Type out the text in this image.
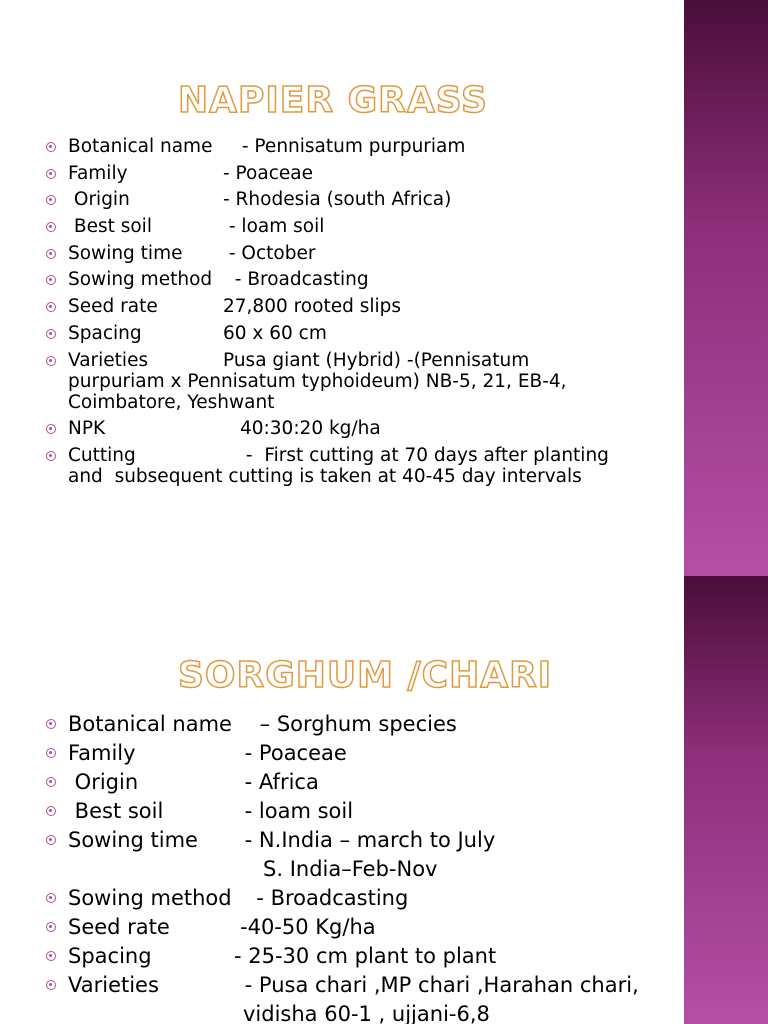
NAPIER GRASS
Botanical name - Pennisatum purpuriam
Family	- Poaceae
Origin	- Rhodesia (south Africa)
Best soil	- loam soil
Sowing time - October
Sowing method  - Broadcasting
Seed rate	27,800 rooted slips
Spacing	60 x 60 cm
Varieties	Pusa giant (Hybrid) -(Pennisatum
purpuriam x Pennisatum typhoideum) NB-5, 21, EB-4,
Coimbatore, Yeshwant
NPK	40:30:20 kg/ha
Cutting	-  First cutting at 70 days after planting
and  subsequent cutting is taken at 40-45 day intervals
SORGHUM /CHARI
Botanical name – Sorghum species
Family	- Poaceae
Origin	- Africa
Best soil	- loam soil
Sowing time - N.India – march to July
S. India–Feb-Nov
Sowing method  - Broadcasting
Seed rate	-40-50 Kg/ha
Spacing	- 25-30 cm plant to plant
Varieties	- Pusa chari ,MP chari ,Harahan chari,
vidisha 60-1 , ujjani-6,8
